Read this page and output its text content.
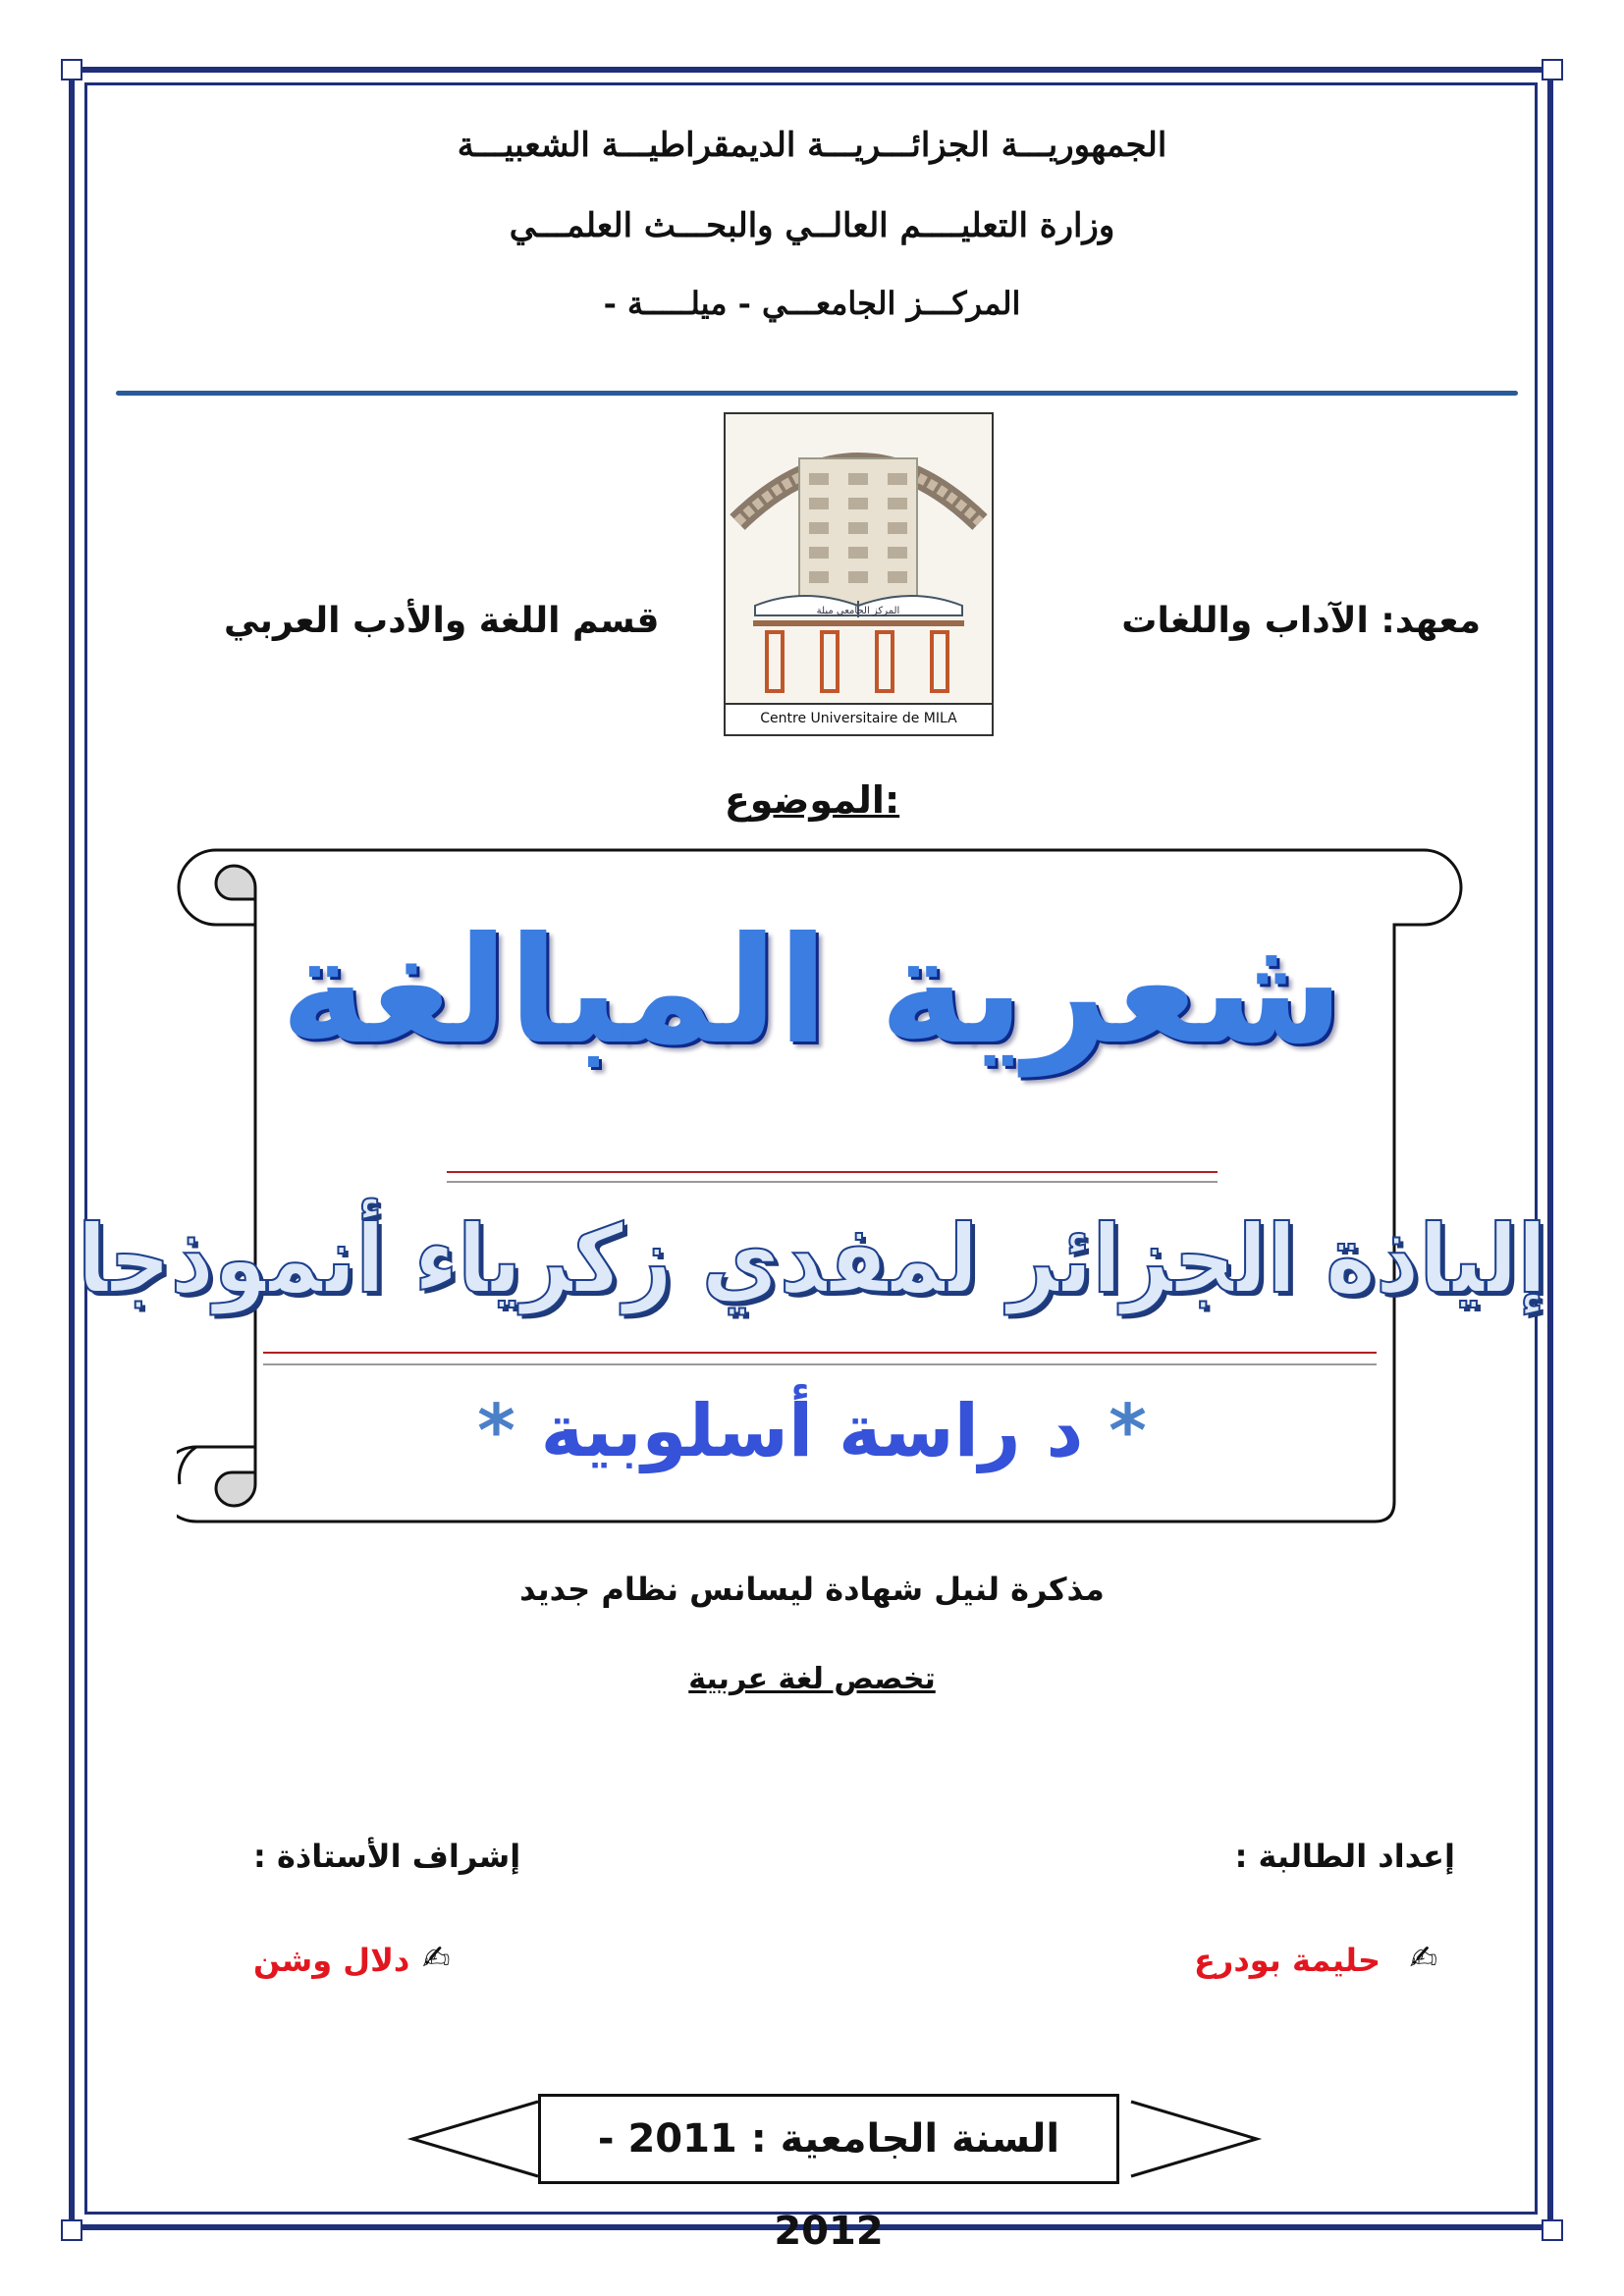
الجمهوريـــة الجزائـــريـــة الديمقراطيـــة الشعبيـــة
وزارة التعليــــم العالــي والبحـــث العلمـــي
المركـــز الجامعـــي - ميلـــــة -
معهد: الآداب واللغات
قسم اللغة والأدب العربي	المركز الجامعي ميلة
Centre Universitaire de MILA
الموضوع:
شعرية المبالغة
إلياذة الجزائر لمفدي زكرياء أنموذجا
* د راسة أسلوبية *
مذكرة لنيل شهادة ليسانس نظام جديد
تخصص لغة عربية
إعداد الطالبة :
إشراف الأستاذة :
حليمة بودرع ✍
دلال وشن ✍
السنة الجامعية : 2011 - 2012
